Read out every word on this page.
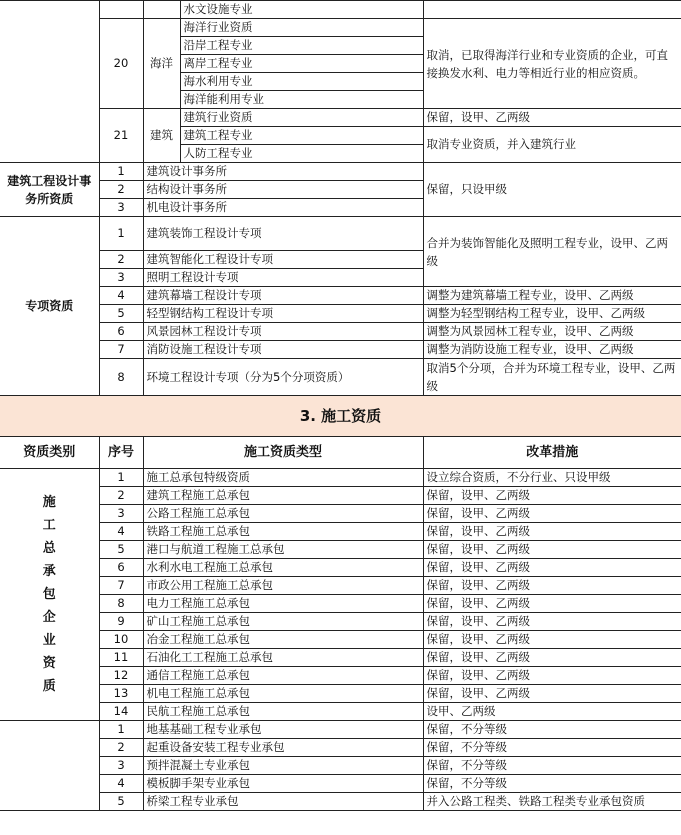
			水文设施专业	
	20	海洋	海洋行业资质	取消，已取得海洋行业和专业资质的企业，可直接换发水利、电力等相近行业的相应资质。
			沿岸工程专业	
			离岸工程专业	
			海水利用专业	
			海洋能利用专业	
	21	建筑	建筑行业资质	保留，设甲、乙两级
			建筑工程专业	取消专业资质，并入建筑行业
			人防工程专业	
建筑工程设计事务所资质	1	建筑设计事务所		保留，只设甲级
	2	结构设计事务所		
	3	机电设计事务所		
专项资质	1	建筑装饰工程设计专项		合并为装饰智能化及照明工程专业，设甲、乙两级
	2	建筑智能化工程设计专项		
	3	照明工程设计专项		
	4	建筑幕墙工程设计专项		调整为建筑幕墙工程专业，设甲、乙两级
	5	轻型钢结构工程设计专项		调整为轻型钢结构工程专业，设甲、乙两级
	6	风景园林工程设计专项		调整为风景园林工程专业，设甲、乙两级
	7	消防设施工程设计专项		调整为消防设施工程专业，设甲、乙两级
	8	环境工程设计专项（分为5个分项资质）		取消5个分项，合并为环境工程专业，设甲、乙两级
3. 施工资质				
资质类别	序号	施工资质类型		改革措施
施工总承包企业资质	1	施工总承包特级资质		设立综合资质，不分行业、只设甲级
	2	建筑工程施工总承包		保留，设甲、乙两级
	3	公路工程施工总承包		保留，设甲、乙两级
	4	铁路工程施工总承包		保留，设甲、乙两级
	5	港口与航道工程施工总承包		保留，设甲、乙两级
	6	水利水电工程施工总承包		保留，设甲、乙两级
	7	市政公用工程施工总承包		保留，设甲、乙两级
	8	电力工程施工总承包		保留，设甲、乙两级
	9	矿山工程施工总承包		保留，设甲、乙两级
	10	冶金工程施工总承包		保留，设甲、乙两级
	11	石油化工工程施工总承包		保留，设甲、乙两级
	12	通信工程施工总承包		保留，设甲、乙两级
	13	机电工程施工总承包		保留，设甲、乙两级
	14	民航工程施工总承包		设甲、乙两级
	1	地基基础工程专业承包		保留，不分等级
	2	起重设备安装工程专业承包		保留，不分等级
	3	预拌混凝土专业承包		保留，不分等级
	4	模板脚手架专业承包		保留，不分等级
	5	桥梁工程专业承包		并入公路工程类、铁路工程类专业承包资质
